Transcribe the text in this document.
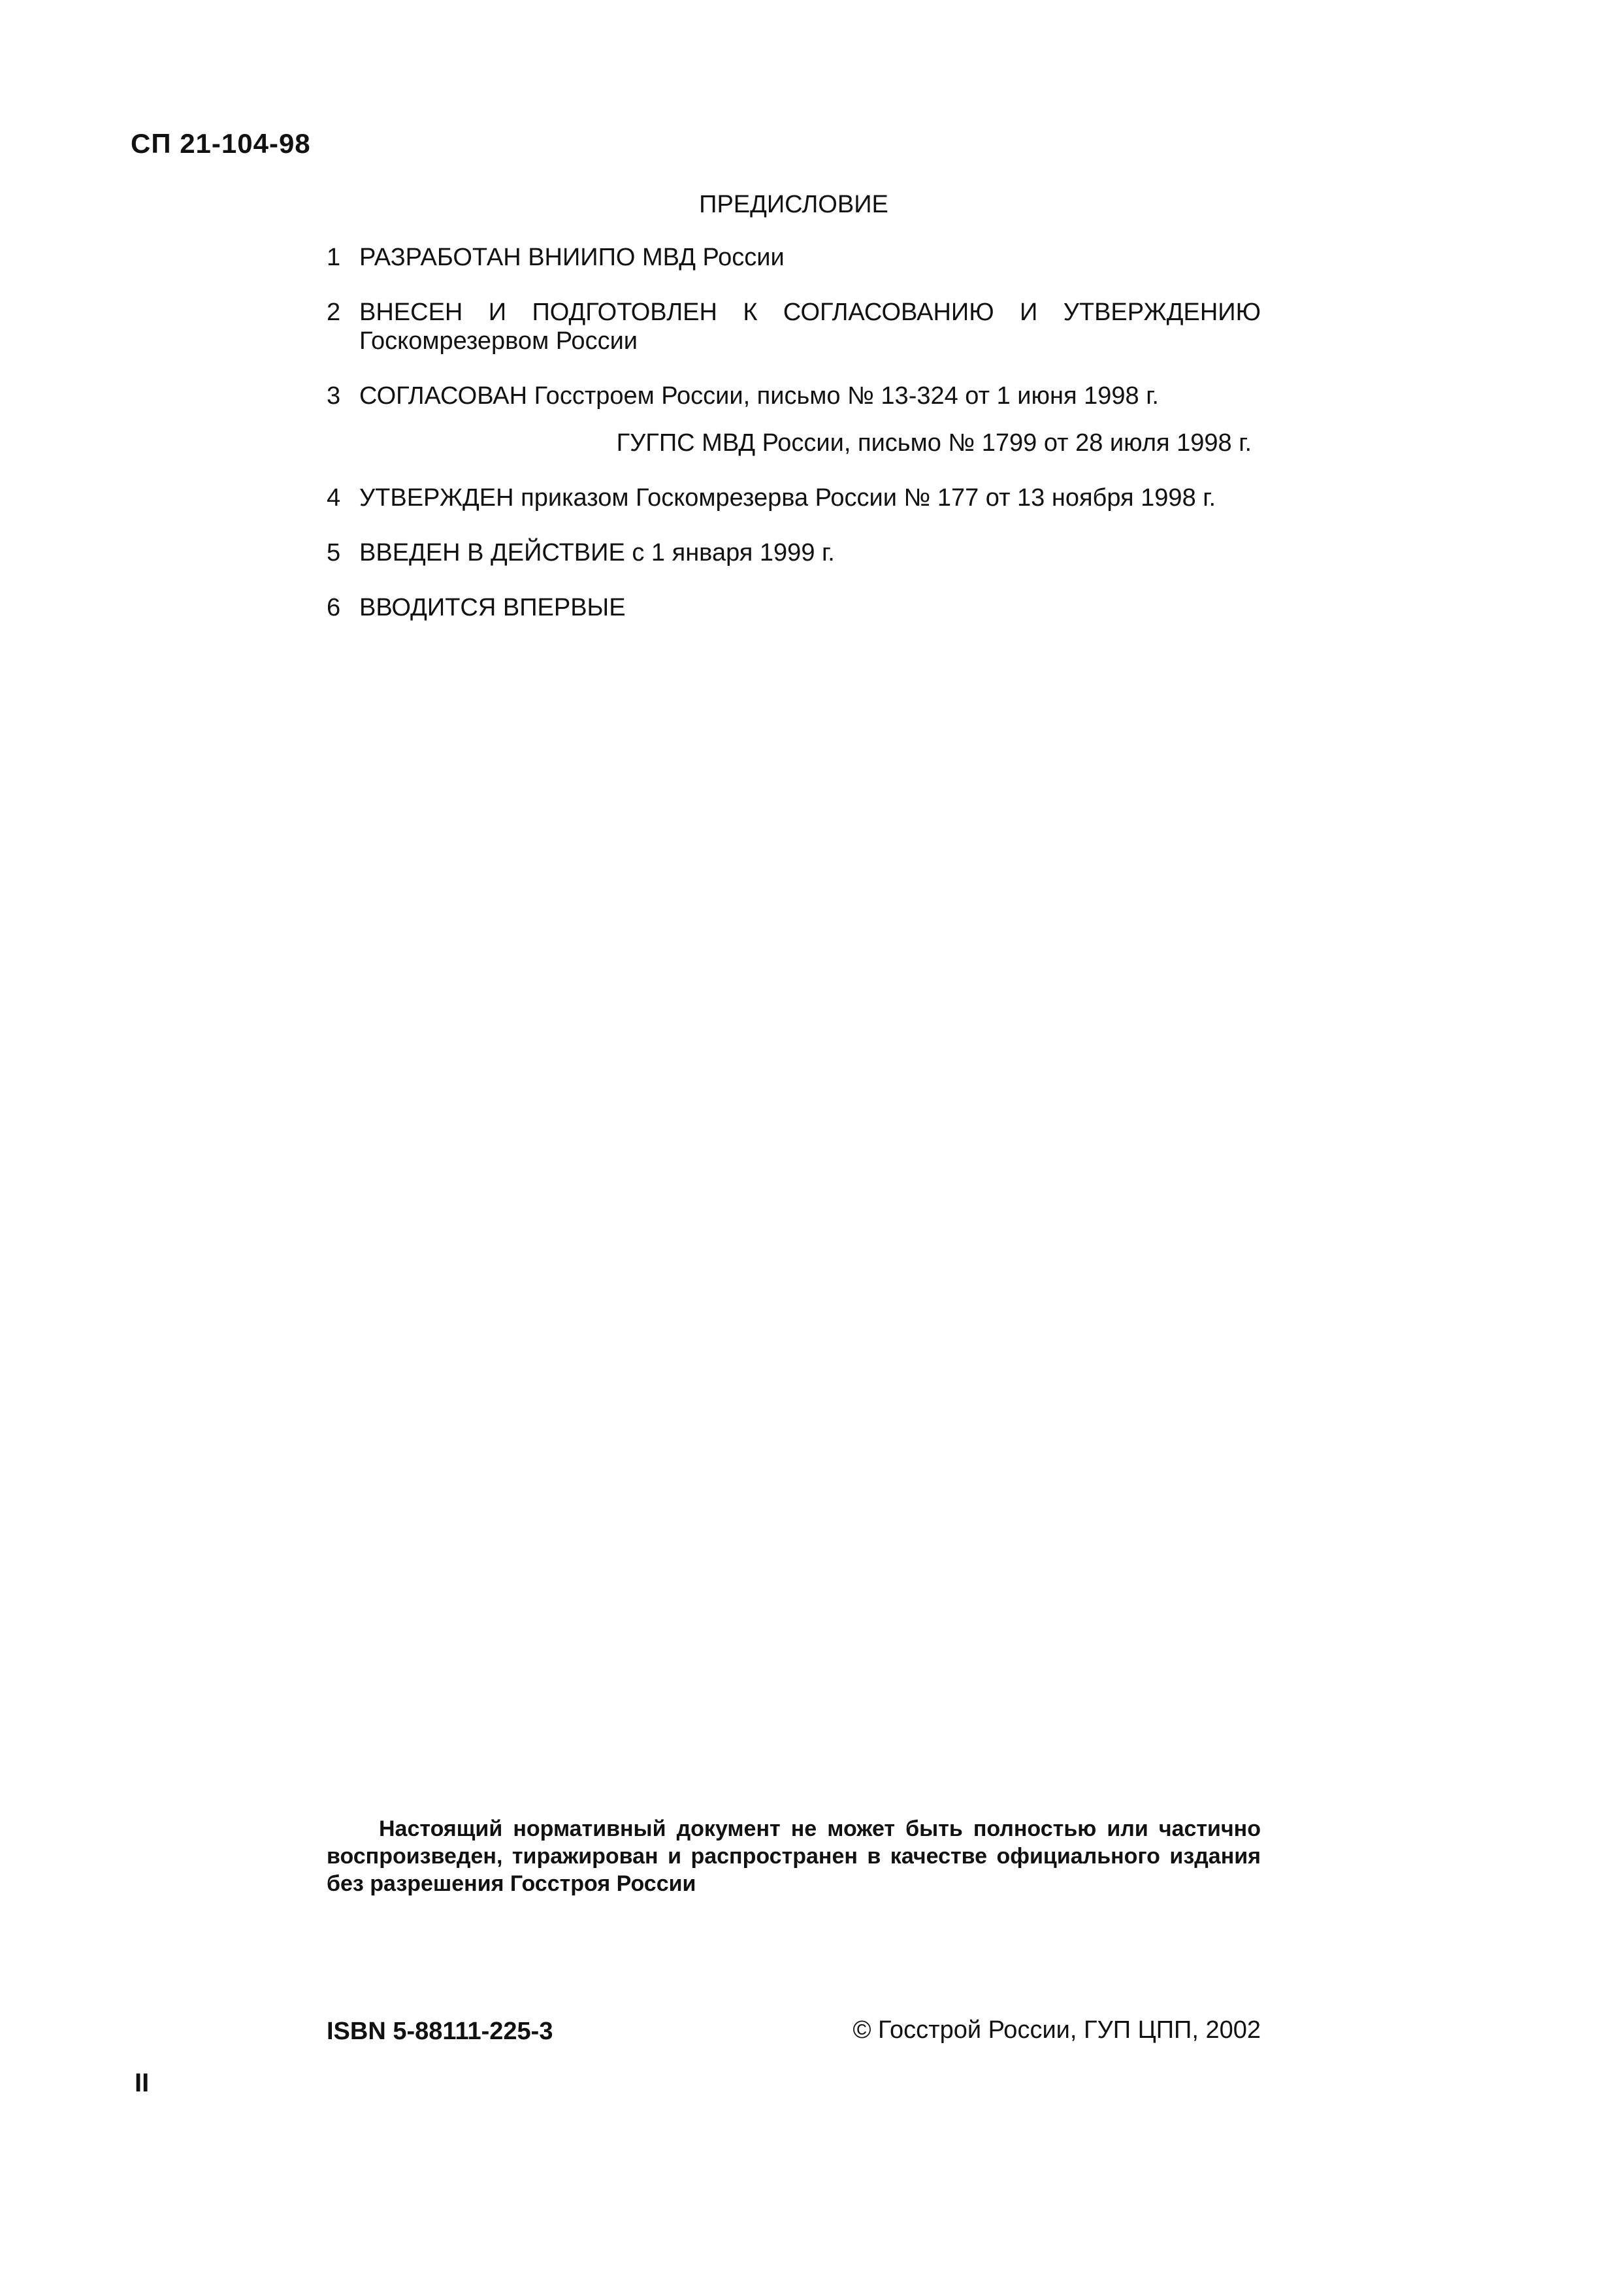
СП 21-104-98
ПРЕДИСЛОВИЕ
1 РАЗРАБОТАН ВНИИПО МВД России
2 ВНЕСЕН И ПОДГОТОВЛЕН К СОГЛАСОВАНИЮ И УТВЕРЖДЕНИЮ Госкомрезервом России
3 СОГЛАСОВАН Госстроем России, письмо № 13-324 от 1 июня 1998 г.
ГУГПС МВД России, письмо № 1799 от 28 июля 1998 г.
4 УТВЕРЖДЕН приказом Госкомрезерва России № 177 от 13 ноября 1998 г.
5 ВВЕДЕН В ДЕЙСТВИЕ с 1 января 1999 г.
6 ВВОДИТСЯ ВПЕРВЫЕ
Настоящий нормативный документ не может быть полностью или частично воспроизведен, тиражирован и распространен в качестве официального издания без разрешения Госстроя России
ISBN 5-88111-225-3	© Госстрой России, ГУП ЦПП, 2002
II
